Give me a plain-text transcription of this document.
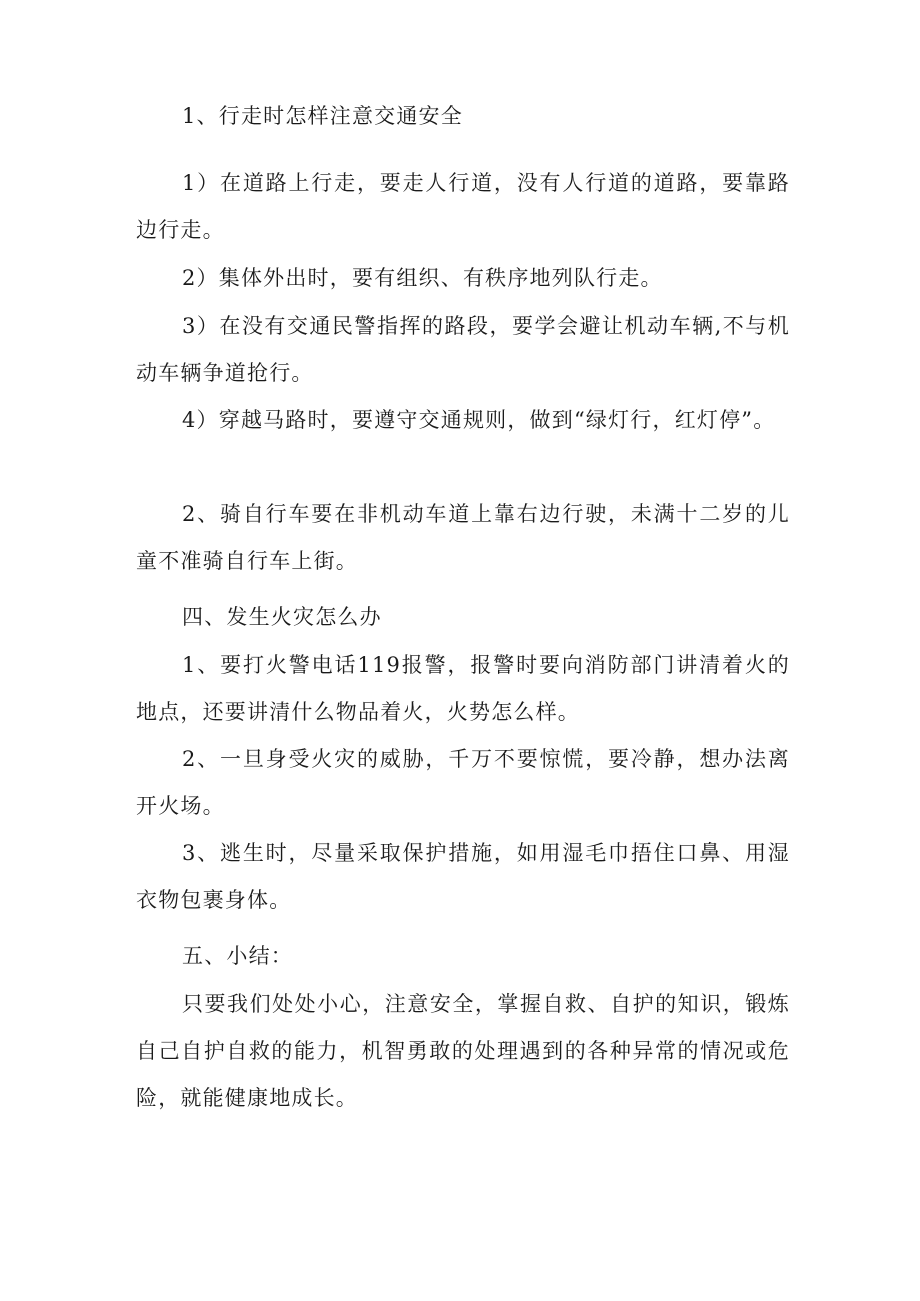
1、行走时怎样注意交通安全

1）在道路上行走，要走人行道，没有人行道的道路，要靠路边行走。

2）集体外出时，要有组织、有秩序地列队行走。

3）在没有交通民警指挥的路段，要学会避让机动车辆,不与机动车辆争道抢行。

4）穿越马路时，要遵守交通规则，做到“绿灯行，红灯停”。

2、骑自行车要在非机动车道上靠右边行驶，未满十二岁的儿童不准骑自行车上街。

四、发生火灾怎么办

1、要打火警电话119报警，报警时要向消防部门讲清着火的地点，还要讲清什么物品着火，火势怎么样。

2、一旦身受火灾的威胁，千万不要惊慌，要冷静，想办法离开火场。

3、逃生时，尽量采取保护措施，如用湿毛巾捂住口鼻、用湿衣物包裹身体。

五、小结：

只要我们处处小心，注意安全，掌握自救、自护的知识，锻炼自己自护自救的能力，机智勇敢的处理遇到的各种异常的情况或危险，就能健康地成长。
